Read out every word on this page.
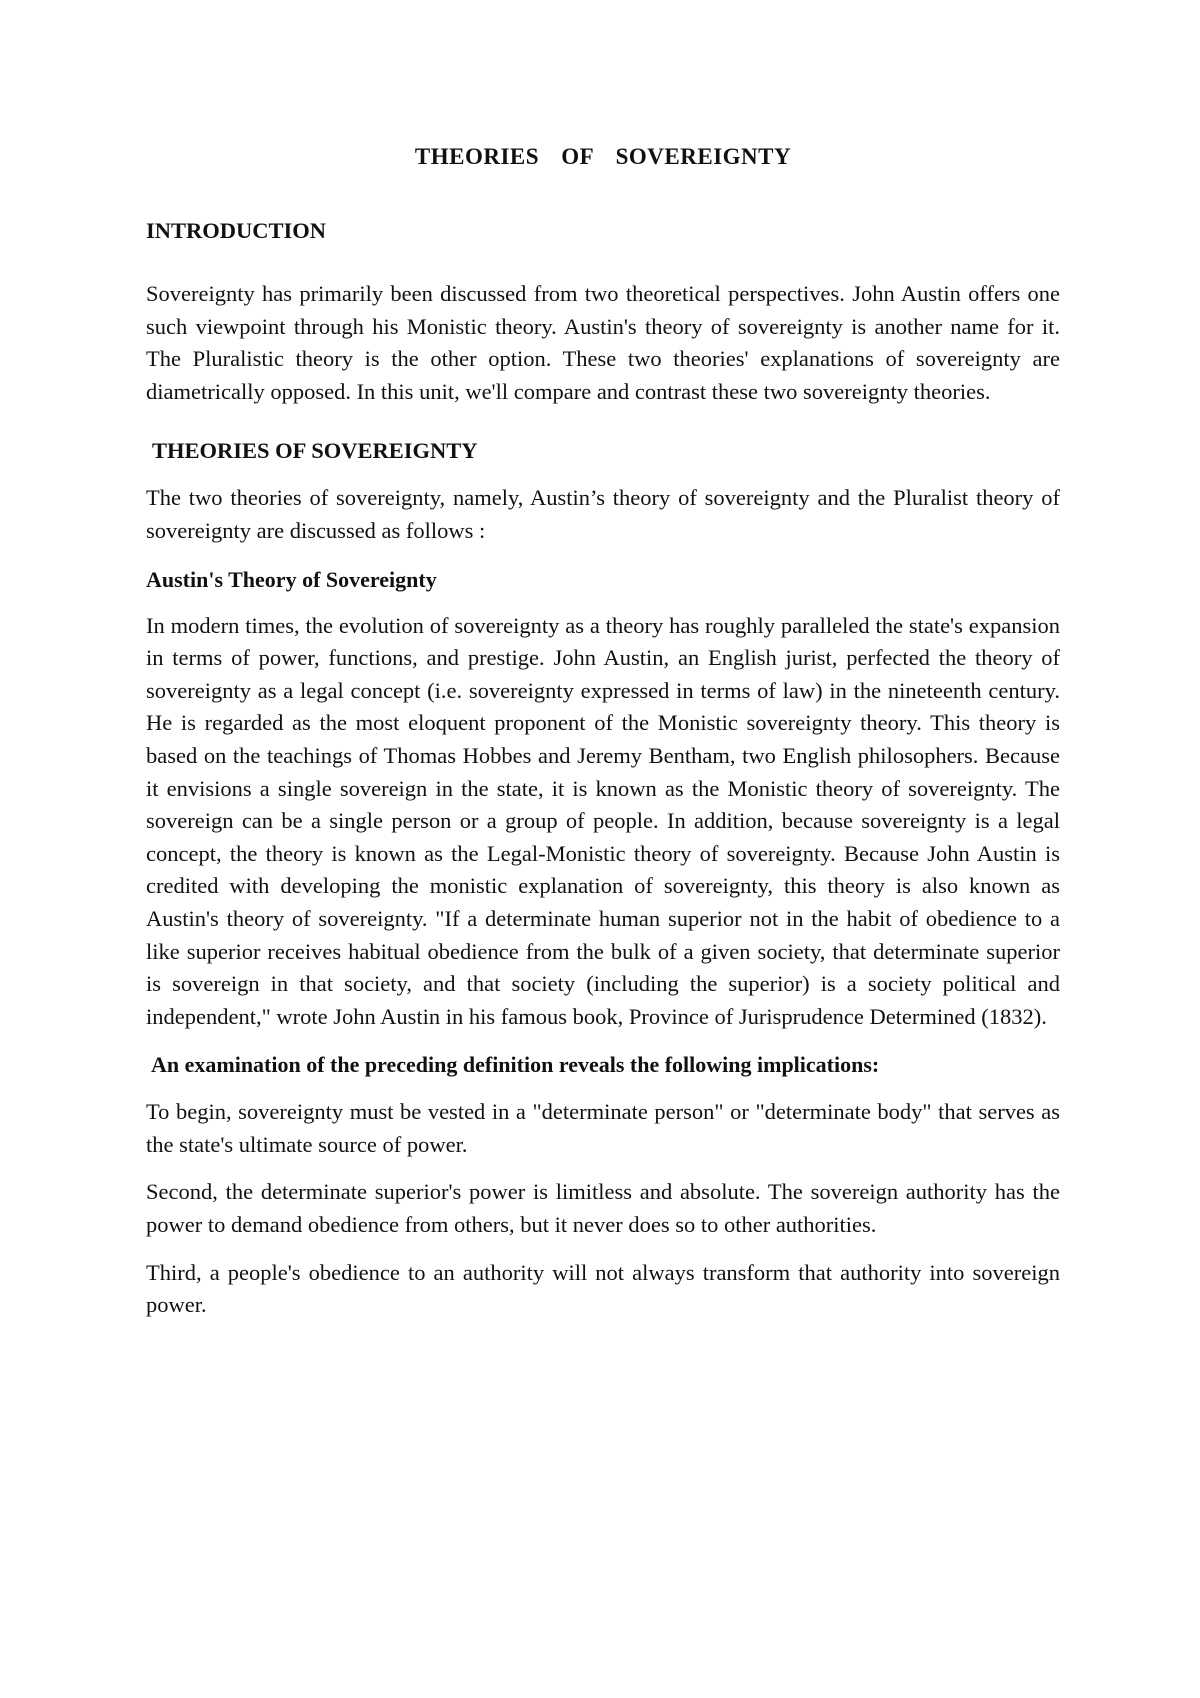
THEORIES OF SOVEREIGNTY
INTRODUCTION

Sovereignty has primarily been discussed from two theoretical perspectives. John Austin offers one such viewpoint through his Monistic theory. Austin's theory of sovereignty is another name for it. The Pluralistic theory is the other option. These two theories' explanations of sovereignty are diametrically opposed. In this unit, we'll compare and contrast these two sovereignty theories.

THEORIES OF SOVEREIGNTY

The two theories of sovereignty, namely, Austin’s theory of sovereignty and the Pluralist theory of sovereignty are discussed as follows :

Austin's Theory of Sovereignty

In modern times, the evolution of sovereignty as a theory has roughly paralleled the state's expansion in terms of power, functions, and prestige. John Austin, an English jurist, perfected the theory of sovereignty as a legal concept (i.e. sovereignty expressed in terms of law) in the nineteenth century. He is regarded as the most eloquent proponent of the Monistic sovereignty theory. This theory is based on the teachings of Thomas Hobbes and Jeremy Bentham, two English philosophers. Because it envisions a single sovereign in the state, it is known as the Monistic theory of sovereignty. The sovereign can be a single person or a group of people. In addition, because sovereignty is a legal concept, the theory is known as the Legal-Monistic theory of sovereignty. Because John Austin is credited with developing the monistic explanation of sovereignty, this theory is also known as Austin's theory of sovereignty. "If a determinate human superior not in the habit of obedience to a like superior receives habitual obedience from the bulk of a given society, that determinate superior is sovereign in that society, and that society (including the superior) is a society political and independent," wrote John Austin in his famous book, Province of Jurisprudence Determined (1832).

An examination of the preceding definition reveals the following implications:

To begin, sovereignty must be vested in a "determinate person" or "determinate body" that serves as the state's ultimate source of power.

Second, the determinate superior's power is limitless and absolute. The sovereign authority has the power to demand obedience from others, but it never does so to other authorities.

Third, a people's obedience to an authority will not always transform that authority into sovereign power.
